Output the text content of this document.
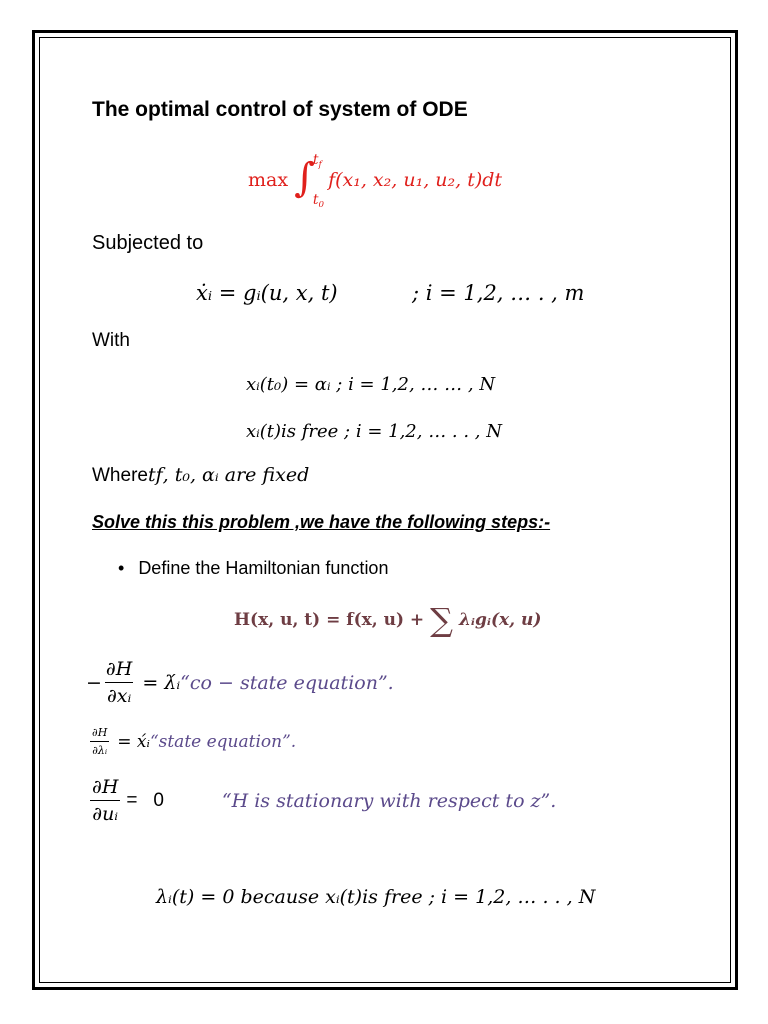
The optimal control of system of ODE
max ∫
$t_f$
$t_0$
f(x₁, x₂, u₁, u₂, t)dt
Subjected to
ẋᵢ = gᵢ(u, x, t)	; i = 1,2, … . , m
With
xᵢ(t₀) = αᵢ ; i = 1,2, … … , N
xᵢ(t)is free ; i = 1,2, … . . , N
Wheret𝑓, t₀, αᵢ are fixed
Solve this this problem ,we have the following steps:-
• Define the Hamiltonian function
H(x, u, t) = f(x, u) + ∑ λᵢgᵢ(x, u)
− $\frac{\partial H}{\text{∂xᵢ}}$ = λ́ᵢ “co − state equation”.
$\frac{\partial H}{\text{∂λᵢ}}$ = x́ᵢ “state equation”.
$\frac{\partial H}{\text{∂uᵢ}} = 0$	“H is stationary with respect to z”.
λᵢ(t) = 0 because xᵢ(t)is free ; i = 1,2, … . . , N
